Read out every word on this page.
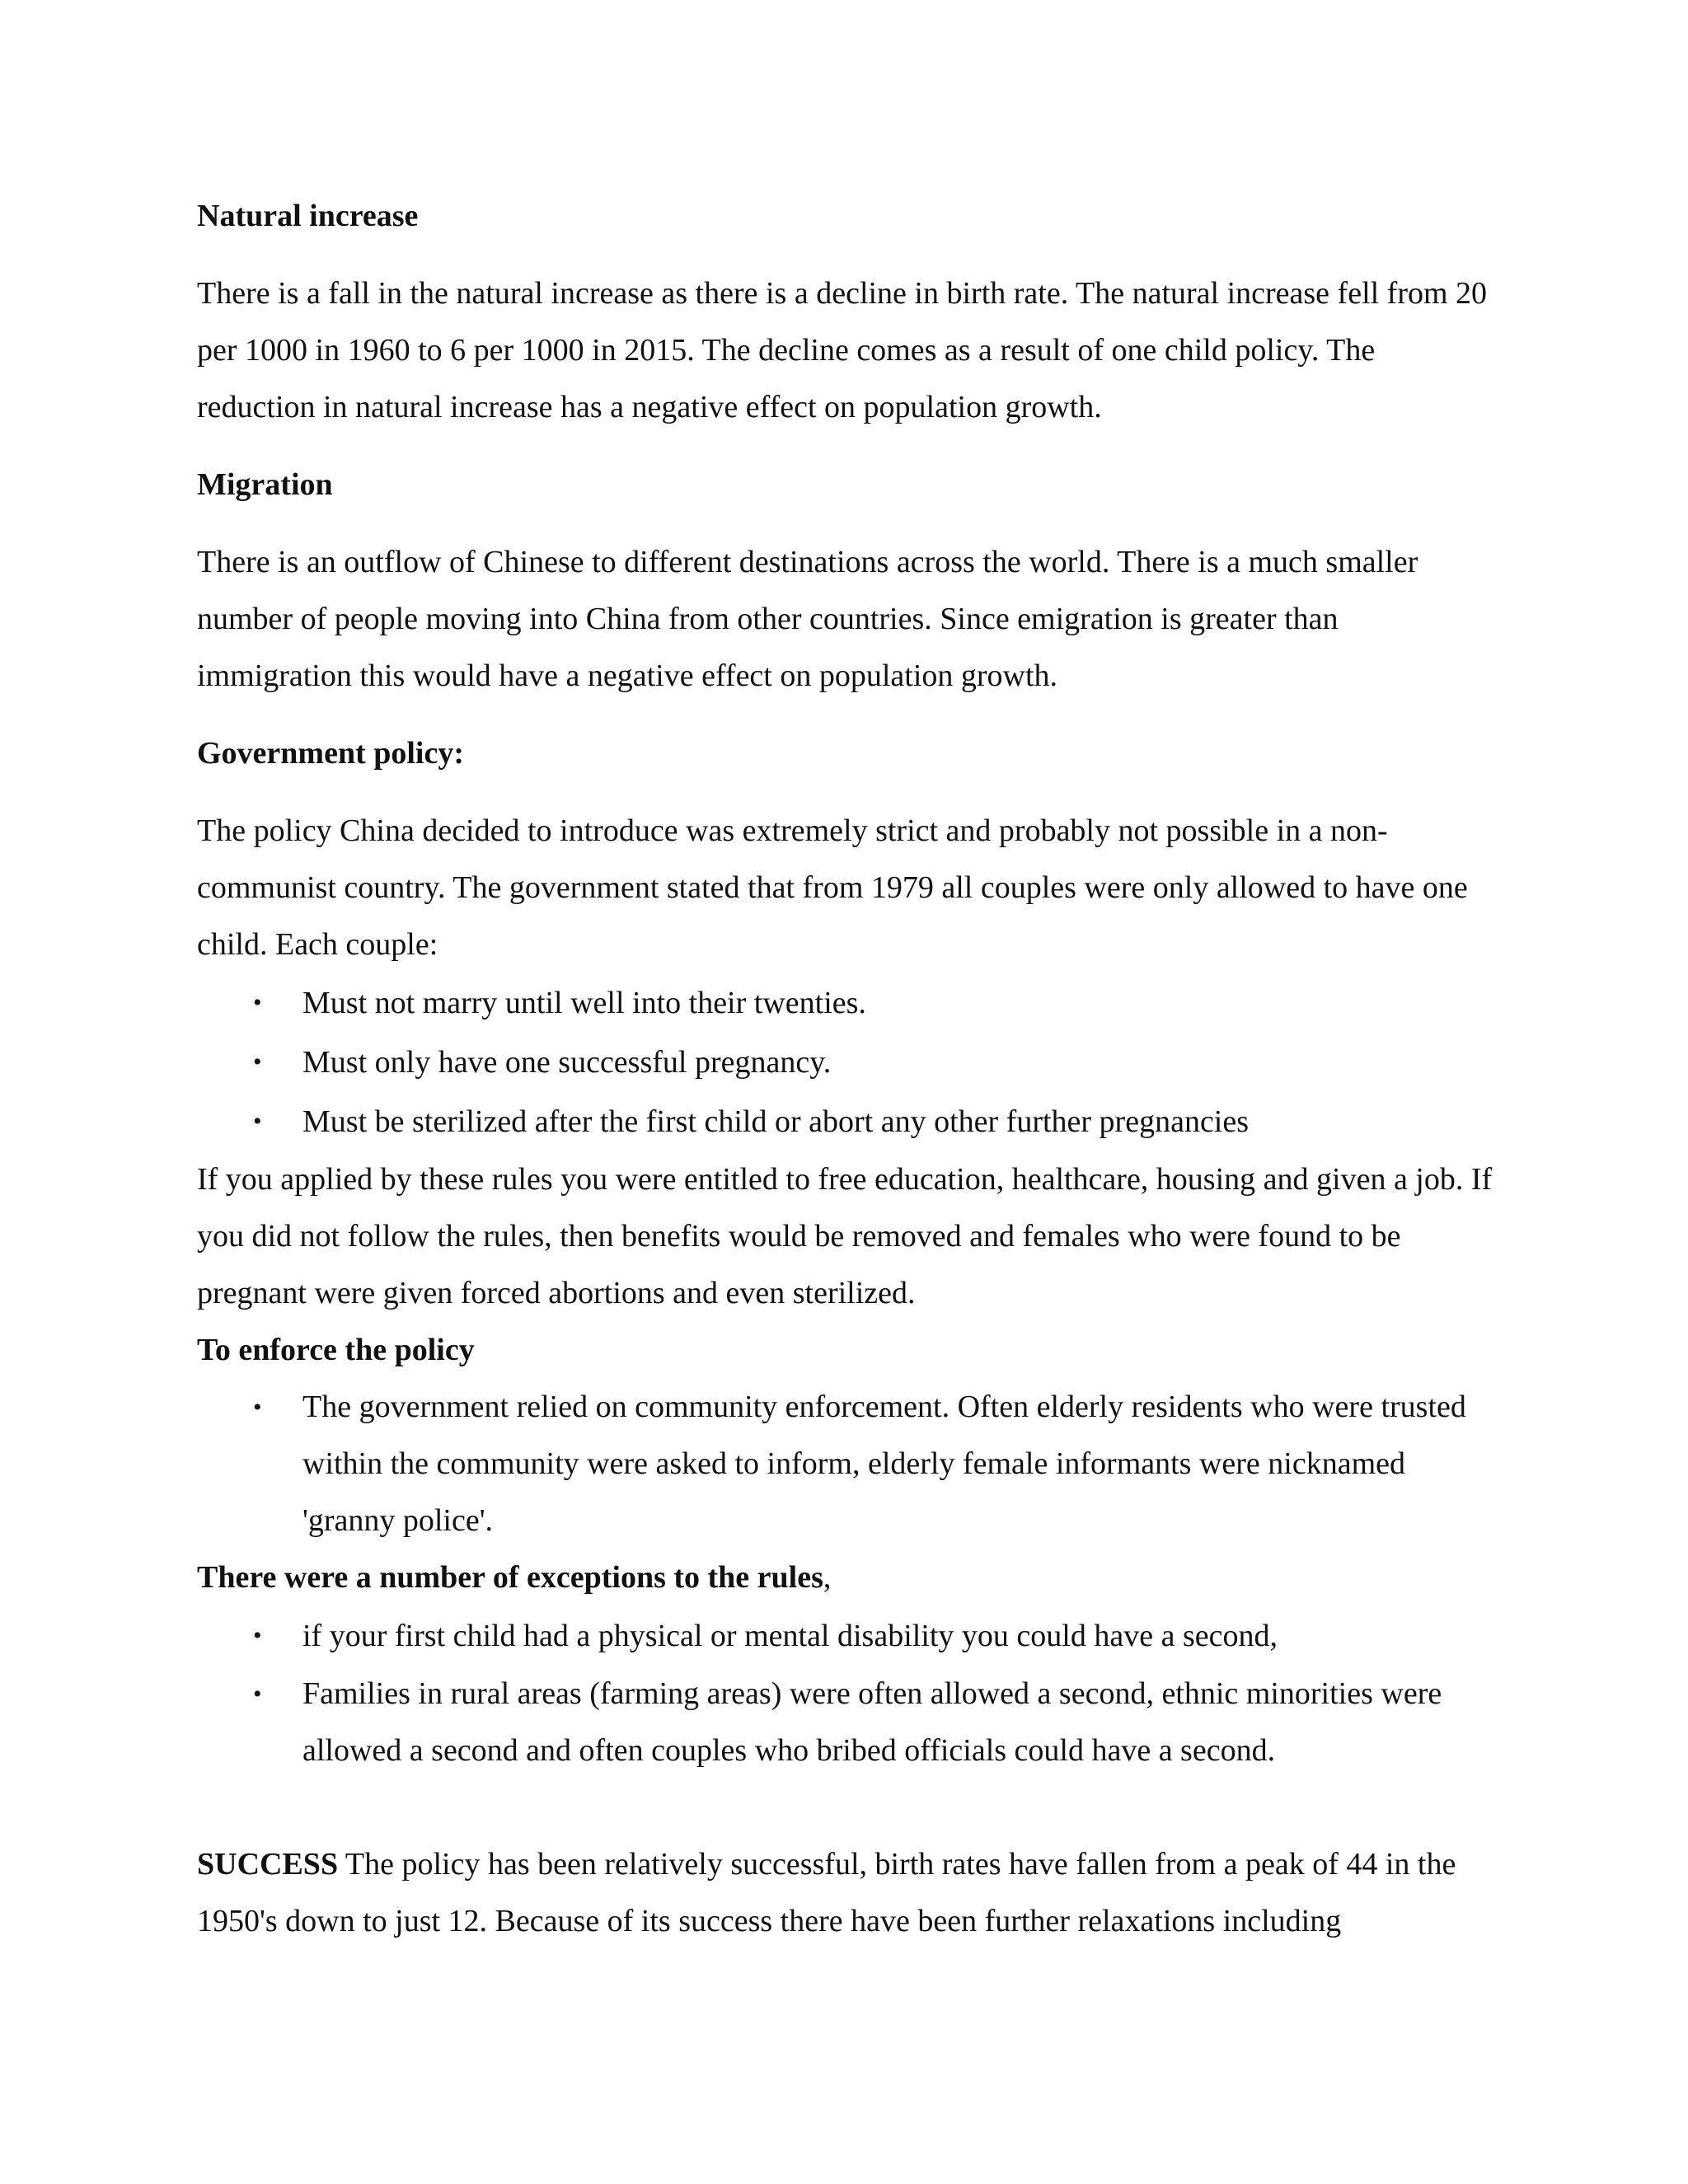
Natural increase

There is a fall in the natural increase as there is a decline in birth rate. The natural increase fell from 20 per 1000 in 1960 to 6 per 1000 in 2015. The decline comes as a result of one child policy. The reduction in natural increase has a negative effect on population growth.

Migration

There is an outflow of Chinese to different destinations across the world. There is a much smaller number of people moving into China from other countries. Since emigration is greater than immigration this would have a negative effect on population growth.

Government policy:

The policy China decided to introduce was extremely strict and probably not possible in a non-communist country. The government stated that from 1979 all couples were only allowed to have one child. Each couple:

• Must not marry until well into their twenties.
• Must only have one successful pregnancy.
• Must be sterilized after the first child or abort any other further pregnancies

If you applied by these rules you were entitled to free education, healthcare, housing and given a job. If you did not follow the rules, then benefits would be removed and females who were found to be pregnant were given forced abortions and even sterilized.

To enforce the policy

• The government relied on community enforcement. Often elderly residents who were trusted within the community were asked to inform, elderly female informants were nicknamed 'granny police'.

There were a number of exceptions to the rules,

• if your first child had a physical or mental disability you could have a second,
• Families in rural areas (farming areas) were often allowed a second, ethnic minorities were allowed a second and often couples who bribed officials could have a second.

SUCCESS The policy has been relatively successful, birth rates have fallen from a peak of 44 in the 1950's down to just 12. Because of its success there have been further relaxations including
